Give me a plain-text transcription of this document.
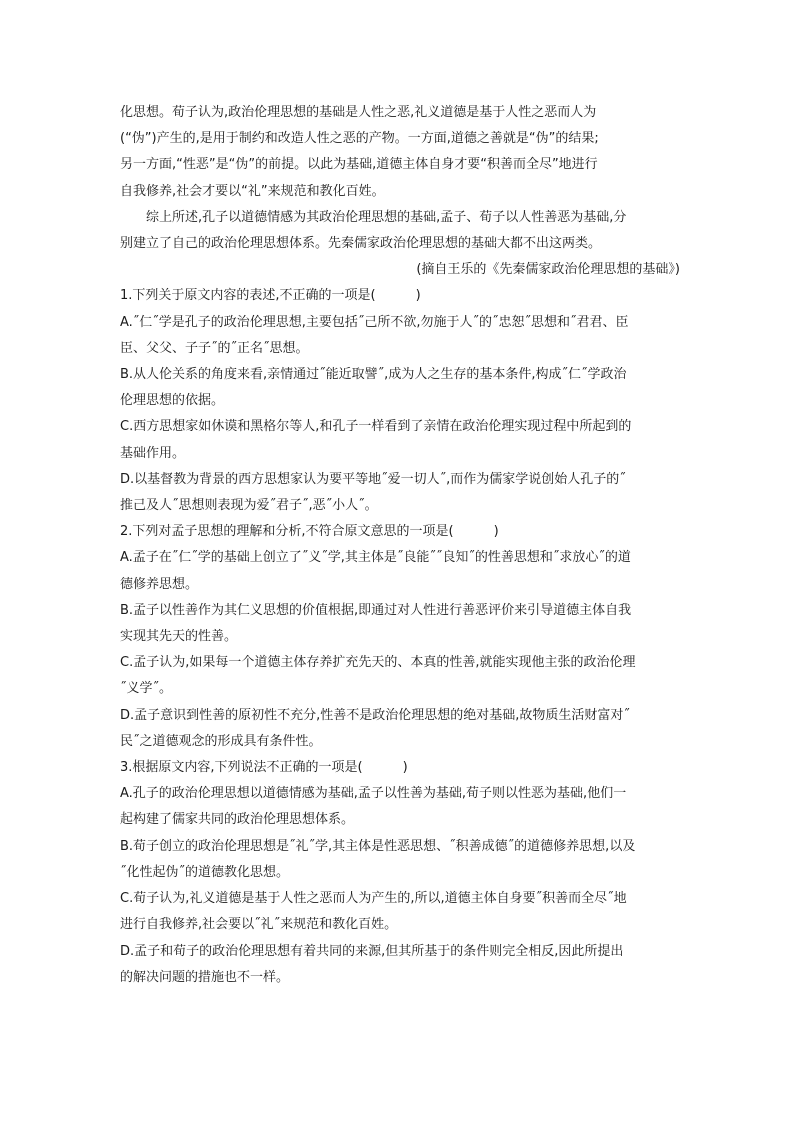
化思想。荀子认为,政治伦理思想的基础是人性之恶,礼义道德是基于人性之恶而人为

(“伪”)产生的,是用于制约和改造人性之恶的产物。一方面,道德之善就是“伪”的结果;

另一方面,“性恶”是“伪”的前提。以此为基础,道德主体自身才要“积善而全尽”地进行

自我修养,社会才要以“礼”来规范和教化百姓。

综上所述,孔子以道德情感为其政治伦理思想的基础,孟子、荀子以人性善恶为基础,分

别建立了自己的政治伦理思想体系。先秦儒家政治伦理思想的基础大都不出这两类。

(摘自王乐的《先秦儒家政治伦理思想的基础》)

1.下列关于原文内容的表述,不正确的一项是(	)

A.˝仁˝学是孔子的政治伦理思想,主要包括˝己所不欲,勿施于人˝的˝忠恕˝思想和˝君君、臣

臣、父父、子子˝的˝正名˝思想。

B.从人伦关系的角度来看,亲情通过˝能近取譬˝,成为人之生存的基本条件,构成˝仁˝学政治

伦理思想的依据。

C.西方思想家如休谟和黑格尔等人,和孔子一样看到了亲情在政治伦理实现过程中所起到的

基础作用。

D.以基督教为背景的西方思想家认为要平等地˝爱一切人˝,而作为儒家学说创始人孔子的˝

推己及人˝思想则表现为爱˝君子˝,恶˝小人˝。

2.下列对孟子思想的理解和分析,不符合原文意思的一项是(	)

A.孟子在˝仁˝学的基础上创立了˝义˝学,其主体是˝良能˝˝良知˝的性善思想和˝求放心˝的道

德修养思想。

B.孟子以性善作为其仁义思想的价值根据,即通过对人性进行善恶评价来引导道德主体自我

实现其先天的性善。

C.孟子认为,如果每一个道德主体存养扩充先天的、本真的性善,就能实现他主张的政治伦理

˝义学˝。

D.孟子意识到性善的原初性不充分,性善不是政治伦理思想的绝对基础,故物质生活财富对˝

民˝之道德观念的形成具有条件性。

3.根据原文内容,下列说法不正确的一项是(	)

A.孔子的政治伦理思想以道德情感为基础,孟子以性善为基础,荀子则以性恶为基础,他们一

起构建了儒家共同的政治伦理思想体系。

B.荀子创立的政治伦理思想是˝礼˝学,其主体是性恶思想、˝积善成德˝的道德修养思想,以及

˝化性起伪˝的道德教化思想。

C.荀子认为,礼义道德是基于人性之恶而人为产生的,所以,道德主体自身要˝积善而全尽˝地

进行自我修养,社会要以˝礼˝来规范和教化百姓。

D.孟子和荀子的政治伦理思想有着共同的来源,但其所基于的条件则完全相反,因此所提出

的解决问题的措施也不一样。
